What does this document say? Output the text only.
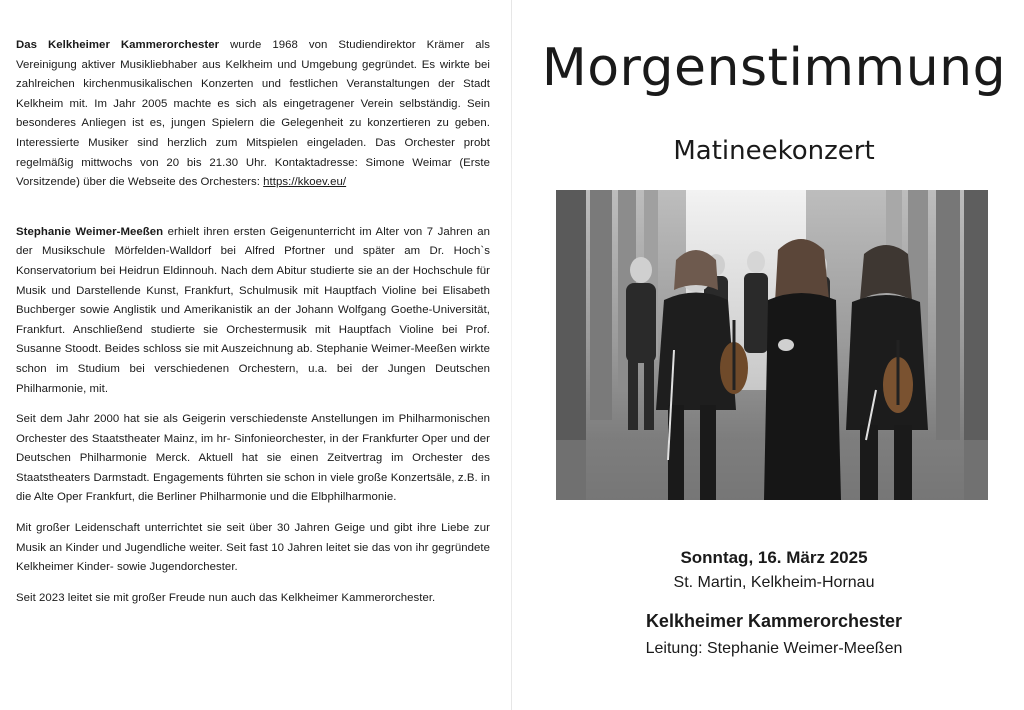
Das Kelkheimer Kammerorchester wurde 1968 von Studiendirektor Krämer als Vereinigung aktiver Musikliebhaber aus Kelkheim und Umgebung gegründet. Es wirkte bei zahlreichen kirchenmusikalischen Konzerten und festlichen Veranstaltungen der Stadt Kelkheim mit. Im Jahr 2005 machte es sich als eingetragener Verein selbständig. Sein besonderes Anliegen ist es, jungen Spielern die Gelegenheit zu konzertieren zu geben. Interessierte Musiker sind herzlich zum Mitspielen eingeladen. Das Orchester probt regelmäßig mittwochs von 20 bis 21.30 Uhr. Kontaktadresse: Simone Weimar (Erste Vorsitzende) über die Webseite des Orchesters: https://kkoev.eu/

Stephanie Weimer-Meeßen erhielt ihren ersten Geigenunterricht im Alter von 7 Jahren an der Musikschule Mörfelden-Walldorf bei Alfred Pfortner und später am Dr. Hoch`s Konservatorium bei Heidrun Eldinnouh. Nach dem Abitur studierte sie an der Hochschule für Musik und Darstellende Kunst, Frankfurt, Schulmusik mit Hauptfach Violine bei Elisabeth Buchberger sowie Anglistik und Amerikanistik an der Johann Wolfgang Goethe-Universität, Frankfurt. Anschließend studierte sie Orchestermusik mit Hauptfach Violine bei Prof. Susanne Stoodt. Beides schloss sie mit Auszeichnung ab. Stephanie Weimer-Meeßen wirkte schon im Studium bei verschiedenen Orchestern, u.a. bei der Jungen Deutschen Philharmonie, mit.

Seit dem Jahr 2000 hat sie als Geigerin verschiedenste Anstellungen im Philharmonischen Orchester des Staatstheater Mainz, im hr- Sinfonieorchester, in der Frankfurter Oper und der Deutschen Philharmonie Merck. Aktuell hat sie einen Zeitvertrag im Orchester des Staatstheaters Darmstadt. Engagements führten sie schon in viele große Konzertsäle, z.B. in die Alte Oper Frankfurt, die Berliner Philharmonie und die Elbphilharmonie.

Mit großer Leidenschaft unterrichtet sie seit über 30 Jahren Geige und gibt ihre Liebe zur Musik an Kinder und Jugendliche weiter. Seit fast 10 Jahren leitet sie das von ihr gegründete Kelkheimer Kinder- sowie Jugendorchester.

Seit 2023 leitet sie mit großer Freude nun auch das Kelkheimer Kammerorchester.

Morgenstimmung
Matineekonzert
Sonntag, 16. März 2025
St. Martin, Kelkheim-Hornau
Kelkheimer Kammerorchester
Leitung: Stephanie Weimer-Meeßen
